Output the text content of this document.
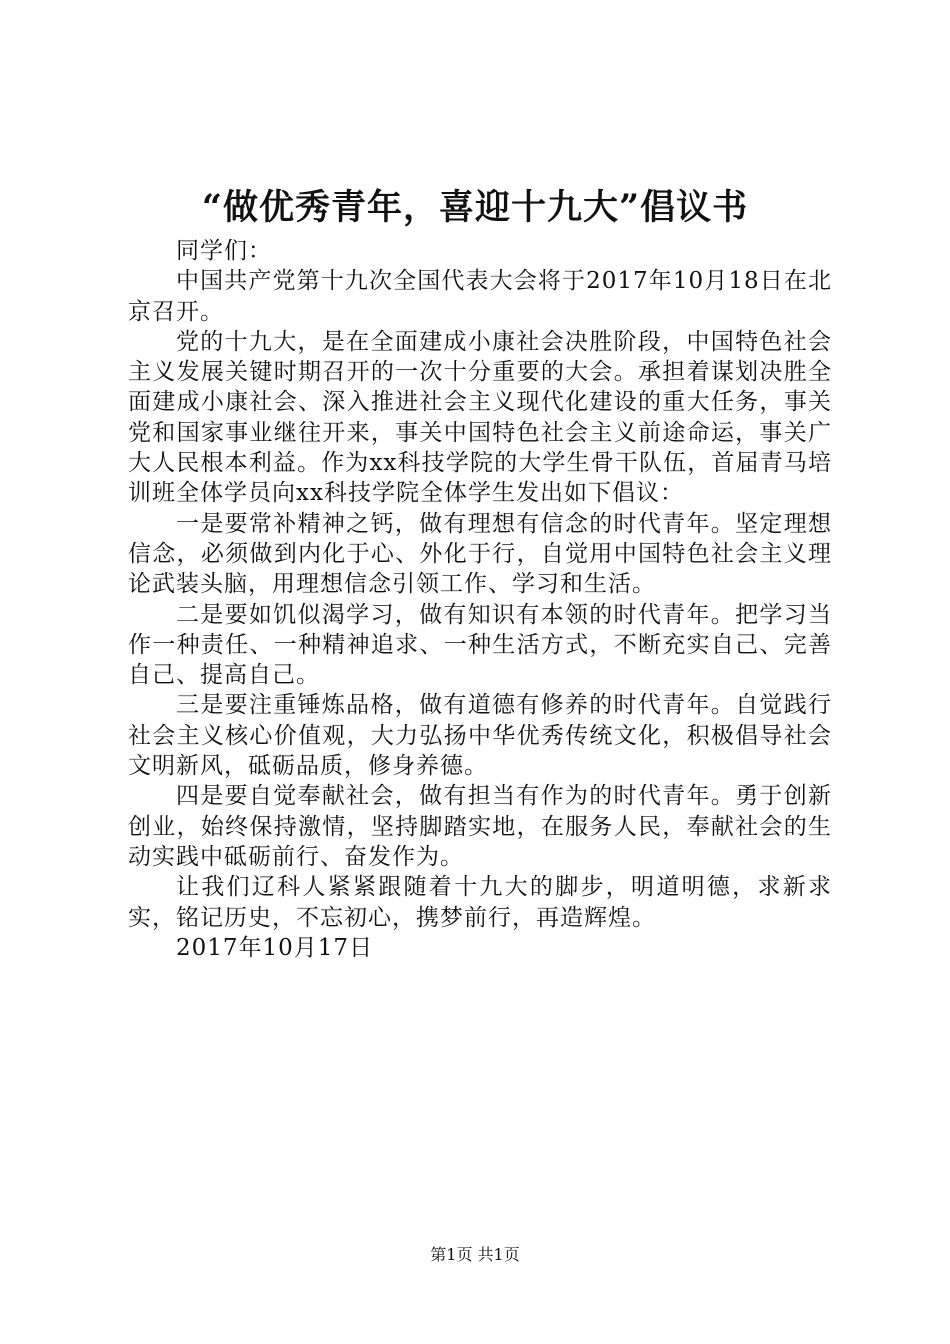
“做优秀青年，喜迎十九大”倡议书

同学们：

中国共产党第十九次全国代表大会将于2017年10月18日在北京召开。

党的十九大，是在全面建成小康社会决胜阶段，中国特色社会主义发展关键时期召开的一次十分重要的大会。承担着谋划决胜全面建成小康社会、深入推进社会主义现代化建设的重大任务，事关党和国家事业继往开来，事关中国特色社会主义前途命运，事关广大人民根本利益。作为xx科技学院的大学生骨干队伍，首届青马培训班全体学员向xx科技学院全体学生发出如下倡议：

一是要常补精神之钙，做有理想有信念的时代青年。坚定理想信念，必须做到内化于心、外化于行，自觉用中国特色社会主义理论武装头脑，用理想信念引领工作、学习和生活。

二是要如饥似渴学习，做有知识有本领的时代青年。把学习当作一种责任、一种精神追求、一种生活方式，不断充实自己、完善自己、提高自己。

三是要注重锤炼品格，做有道德有修养的时代青年。自觉践行社会主义核心价值观，大力弘扬中华优秀传统文化，积极倡导社会文明新风，砥砺品质，修身养德。

四是要自觉奉献社会，做有担当有作为的时代青年。勇于创新创业，始终保持激情，坚持脚踏实地，在服务人民，奉献社会的生动实践中砥砺前行、奋发作为。

让我们辽科人紧紧跟随着十九大的脚步，明道明德，求新求实，铭记历史，不忘初心，携梦前行，再造辉煌。

2017年10月17日

第1页 共1页
